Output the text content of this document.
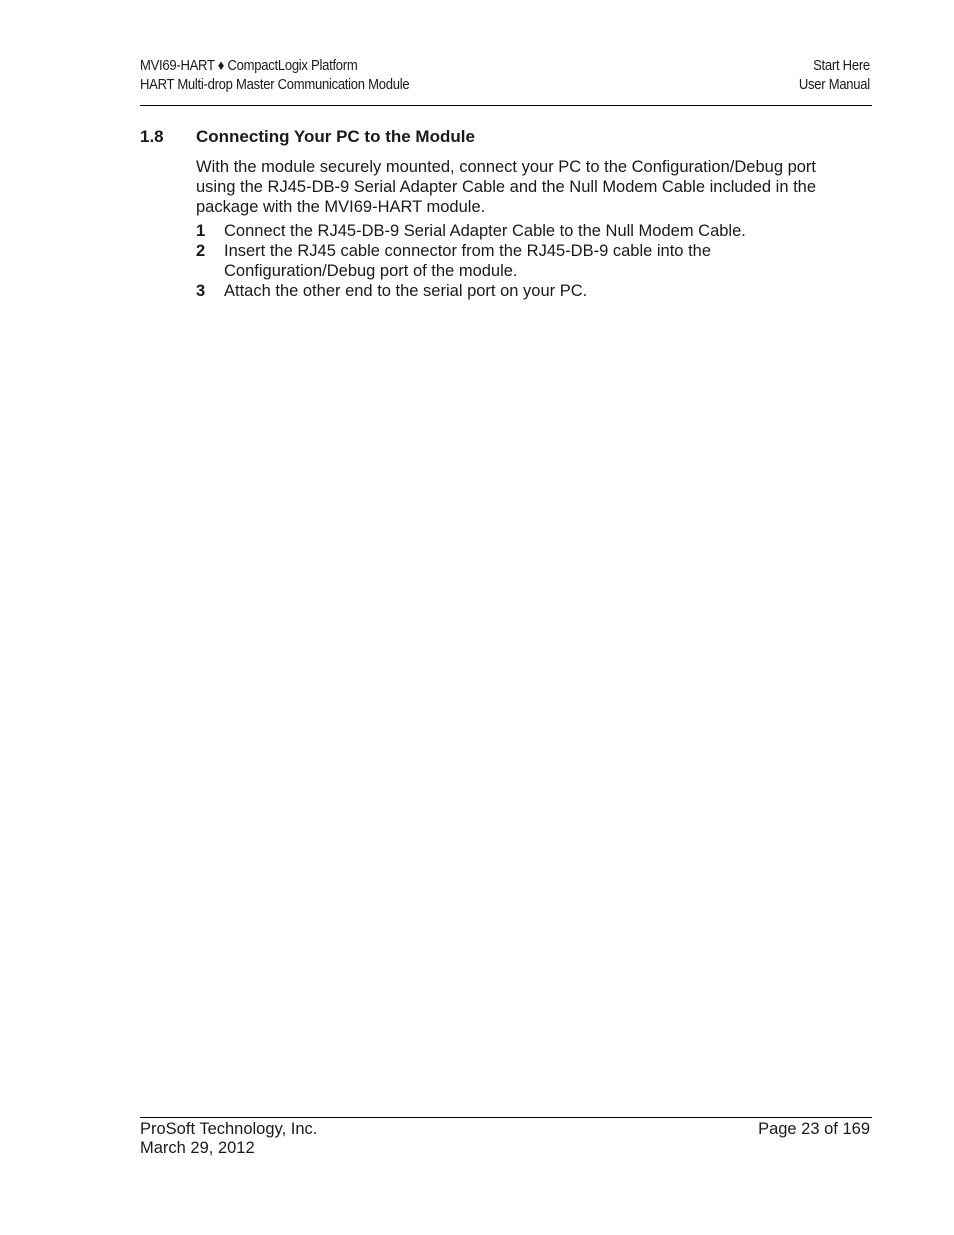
MVI69-HART ♦ CompactLogix Platform
HART Multi-drop Master Communication Module
Start Here
User Manual
1.8 Connecting Your PC to the Module

With the module securely mounted, connect your PC to the Configuration/Debug port using the RJ45-DB-9 Serial Adapter Cable and the Null Modem Cable included in the package with the MVI69-HART module.

1 Connect the RJ45-DB-9 Serial Adapter Cable to the Null Modem Cable.
2 Insert the RJ45 cable connector from the RJ45-DB-9 cable into the Configuration/Debug port of the module.
3 Attach the other end to the serial port on your PC.
ProSoft Technology, Inc.
March 29, 2012
Page 23 of 169
